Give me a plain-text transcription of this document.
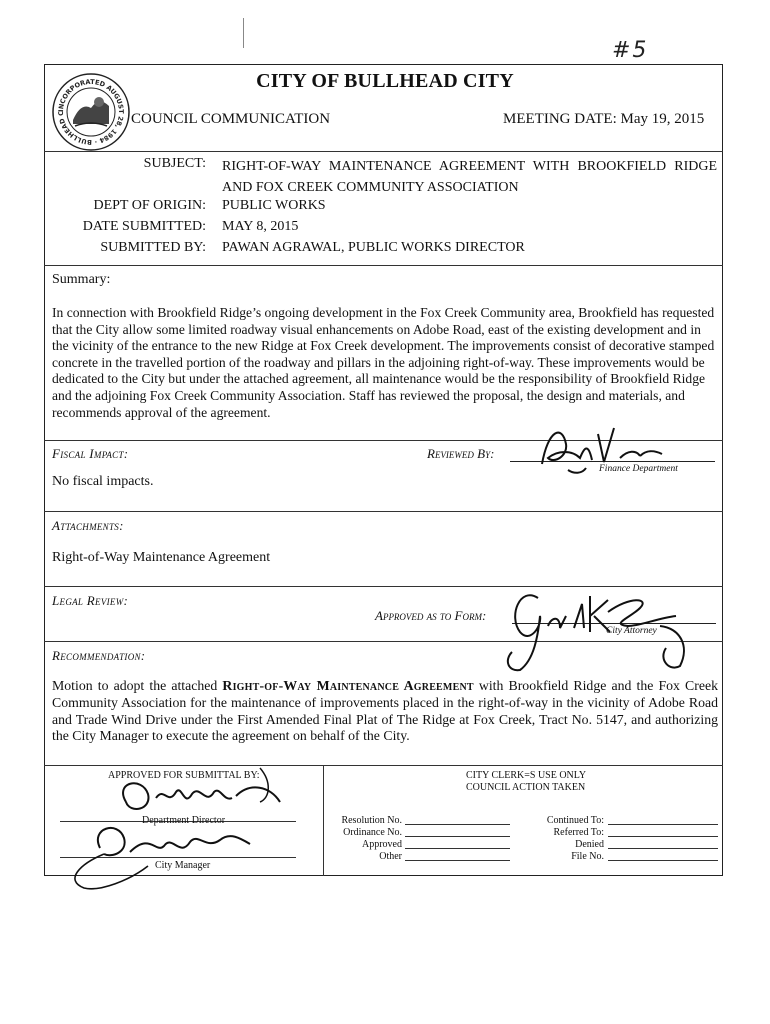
#5
INCORPORATED AUGUST 28, 1984 · BULLHEAD C
CITY OF BULLHEAD CITY
COUNCIL COMMUNICATION	MEETING DATE: May 19, 2015
SUBJECT: RIGHT-OF-WAY MAINTENANCE AGREEMENT WITH BROOKFIELD RIDGE AND FOX CREEK COMMUNITY ASSOCIATION
DEPT OF ORIGIN: PUBLIC WORKS
DATE SUBMITTED: MAY 8, 2015
SUBMITTED BY: PAWAN AGRAWAL, PUBLIC WORKS DIRECTOR
Summary:
In connection with Brookfield Ridge’s ongoing development in the Fox Creek Community area, Brookfield has requested that the City allow some limited roadway visual enhancements on Adobe Road, east of the existing development and in the vicinity of the entrance to the new Ridge at Fox Creek development. The improvements consist of decorative stamped concrete in the travelled portion of the roadway and pillars in the adjoining right-of-way. These improvements would be dedicated to the City but under the attached agreement, all maintenance would be the responsibility of Brookfield Ridge and the adjoining Fox Creek Community Association. Staff has reviewed the proposal, the design and materials, and recommends approval of the agreement.
Fiscal Impact:
No fiscal impacts.
Reviewed By:
Finance Department
Attachments:
Right-of-Way Maintenance Agreement
Legal Review:
Approved as to Form:
City Attorney
Recommendation:
Motion to adopt the attached Right-of-Way Maintenance Agreement with Brookfield Ridge and the Fox Creek Community Association for the maintenance of improvements placed in the right-of-way in the vicinity of Adobe Road and Trade Wind Drive under the First Amended Final Plat of The Ridge at Fox Creek, Tract No. 5147, and authorizing the City Manager to execute the agreement on behalf of the City.
APPROVED FOR SUBMITTAL BY:
Department Director
City Manager
CITY CLERK=S USE ONLY
COUNCIL ACTION TAKEN
Resolution No.
Ordinance No.
Approved
Other
Continued To:
Referred To:
Denied
File No.
